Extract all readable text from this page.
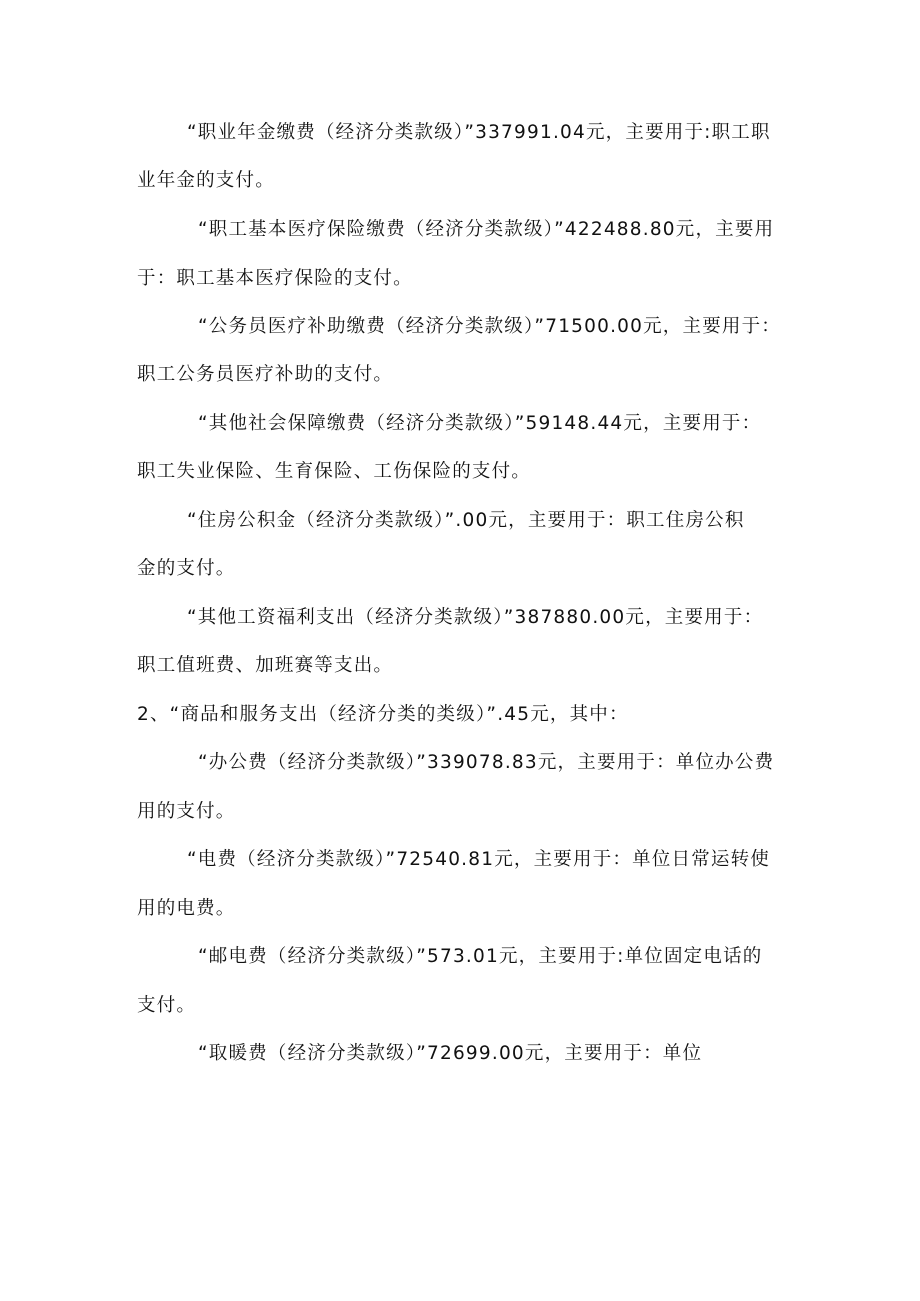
“职业年金缴费（经济分类款级）”337991.04元，主要用于:职工职
业年金的支付。
“职工基本医疗保险缴费（经济分类款级）”422488.80元，主要用
于：职工基本医疗保险的支付。
“公务员医疗补助缴费（经济分类款级）”71500.00元，主要用于：
职工公务员医疗补助的支付。
“其他社会保障缴费（经济分类款级）”59148.44元，主要用于：
职工失业保险、生育保险、工伤保险的支付。
“住房公积金（经济分类款级）”.00元，主要用于：职工住房公积
金的支付。
“其他工资福利支出（经济分类款级）”387880.00元，主要用于：
职工值班费、加班赛等支出。
2、“商品和服务支出（经济分类的类级）”.45元，其中：
“办公费（经济分类款级）”339078.83元，主要用于：单位办公费
用的支付。
“电费（经济分类款级）”72540.81元，主要用于：单位日常运转使
用的电费。
“邮电费（经济分类款级）”573.01元，主要用于:单位固定电话的
支付。
“取暖费（经济分类款级）”72699.00元，主要用于：单位
